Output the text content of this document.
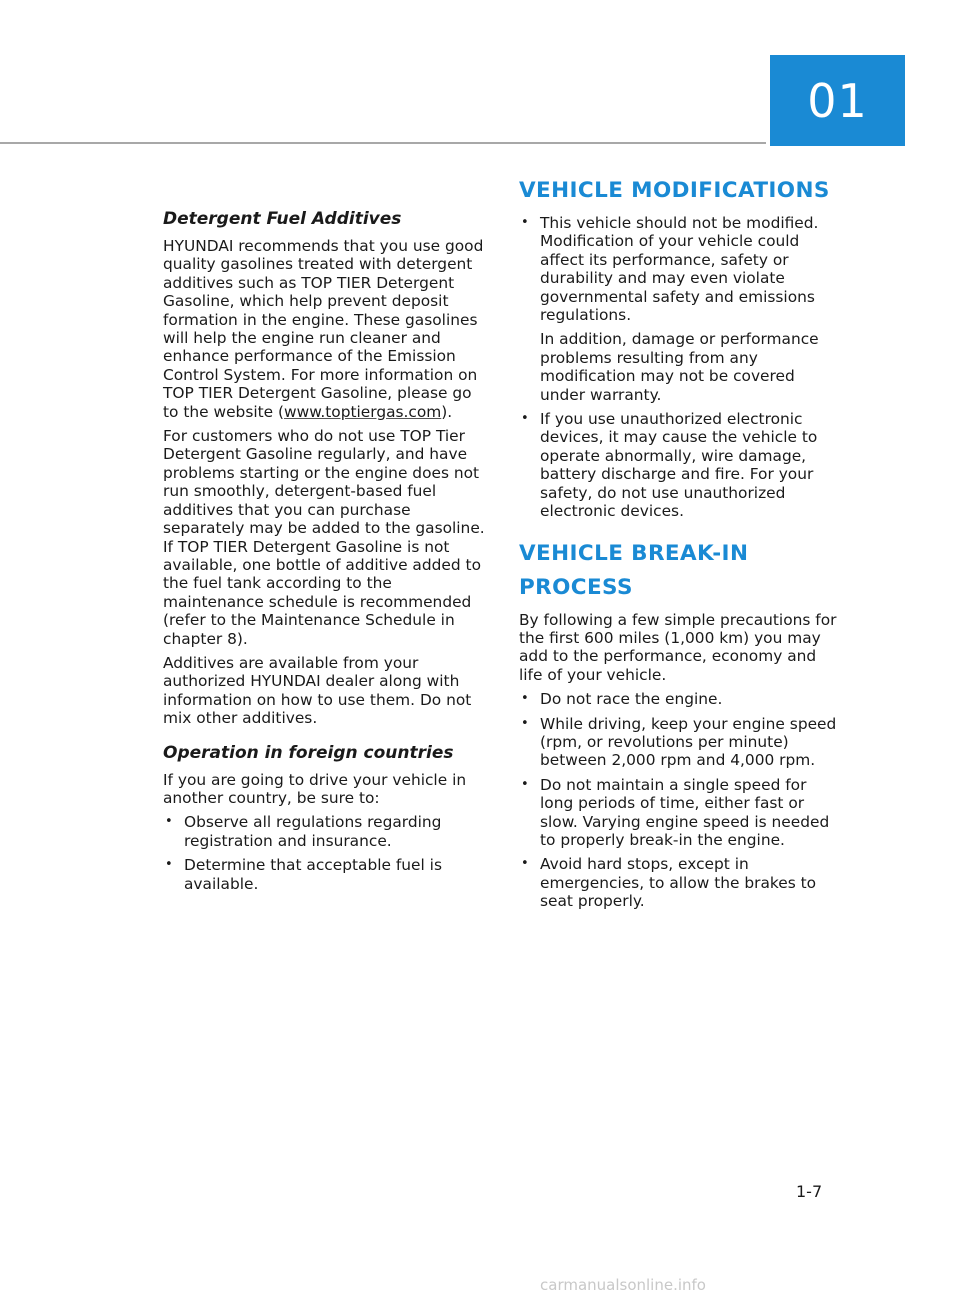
01
Detergent Fuel Additives

HYUNDAI recommends that you use good quality gasolines treated with detergent additives such as TOP TIER Detergent Gasoline, which help prevent deposit formation in the engine. These gasolines will help the engine run cleaner and enhance performance of the Emission Control System. For more information on TOP TIER Detergent Gasoline, please go to the website (www.toptiergas.com).

For customers who do not use TOP Tier Detergent Gasoline regularly, and have problems starting or the engine does not run smoothly, detergent-based fuel additives that you can purchase separately may be added to the gasoline. If TOP TIER Detergent Gasoline is not available, one bottle of additive added to the fuel tank according to the maintenance schedule is recommended (refer to the Maintenance Schedule in chapter 8).

Additives are available from your authorized HYUNDAI dealer along with information on how to use them. Do not mix other additives.

Operation in foreign countries

If you are going to drive your vehicle in another country, be sure to:

• Observe all regulations regarding registration and insurance.
• Determine that acceptable fuel is available.
VEHICLE MODIFICATIONS

• This vehicle should not be modified. Modification of your vehicle could affect its performance, safety or durability and may even violate governmental safety and emissions regulations.

In addition, damage or performance problems resulting from any modification may not be covered under warranty.

• If you use unauthorized electronic devices, it may cause the vehicle to operate abnormally, wire damage, battery discharge and fire. For your safety, do not use unauthorized electronic devices.

VEHICLE BREAK-IN
PROCESS

By following a few simple precautions for the first 600 miles (1,000 km) you may add to the performance, economy and life of your vehicle.

• Do not race the engine.
• While driving, keep your engine speed (rpm, or revolutions per minute) between 2,000 rpm and 4,000 rpm.
• Do not maintain a single speed for long periods of time, either fast or slow. Varying engine speed is needed to properly break-in the engine.
• Avoid hard stops, except in emergencies, to allow the brakes to seat properly.
1-7
carmanualsonline.info
